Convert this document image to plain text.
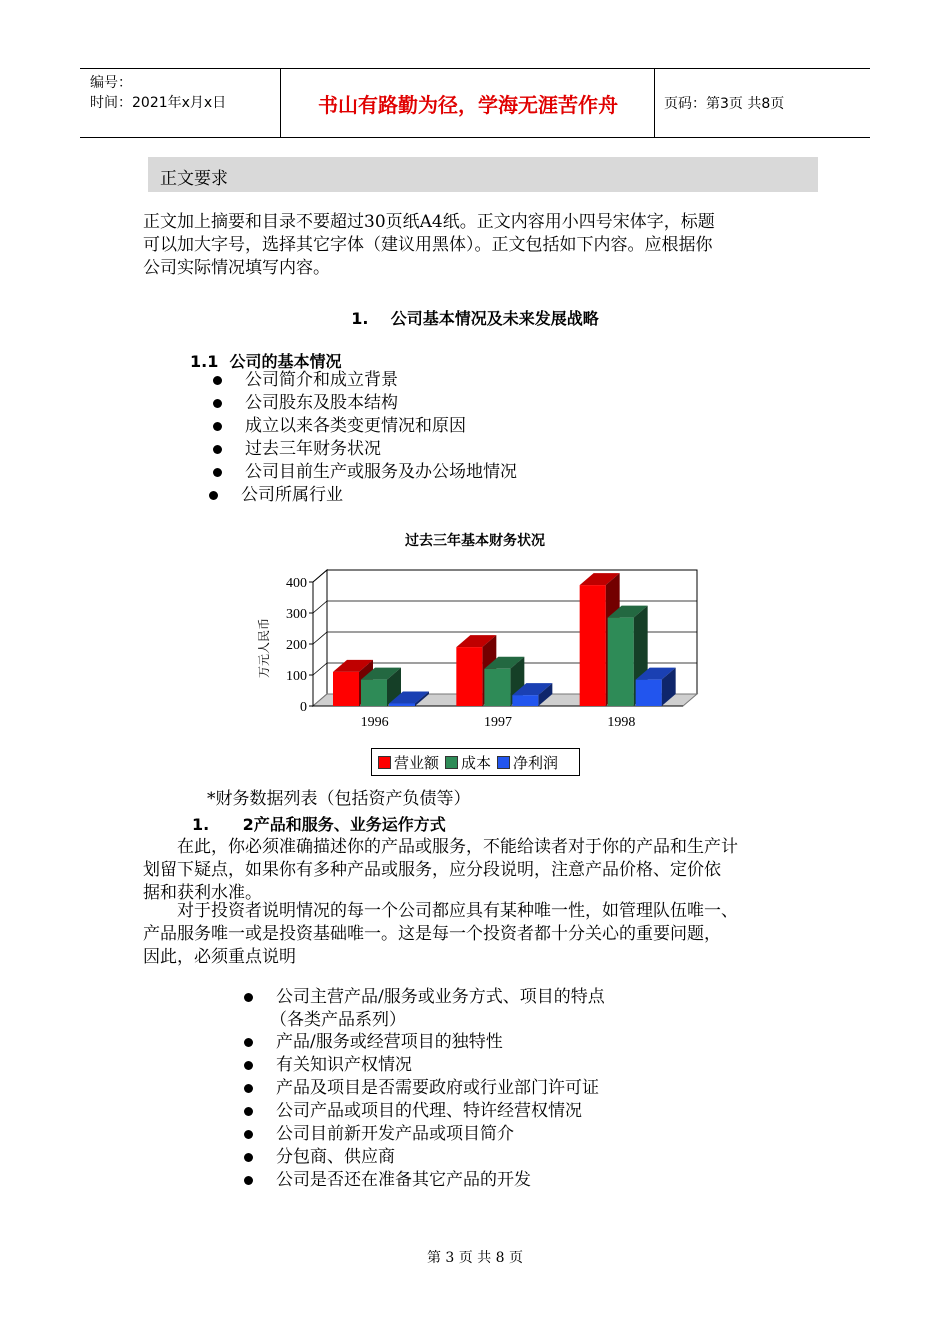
编号：
时间：2021年x月x日	书山有路勤为径，学海无涯苦作舟	页码：第3页 共8页
正文要求
正文加上摘要和目录不要超过30页纸A4纸。正文内容用小四号宋体字，标题
可以加大字号，选择其它字体（建议用黑体）。正文包括如下内容。应根据你
公司实际情况填写内容。
1.    公司基本情况及未来发展战略
1.1  公司的基本情况
公司简介和成立背景
公司股东及股本结构
成立以来各类变更情况和原因
过去三年财务状况
公司目前生产或服务及办公场地情况
公司所属行业
过去三年基本财务状况
0
100
200
300
400
万元人民币
1996	1997	1998
营业额 成本 净利润
*财务数据列表（包括资产负债等）
1.      2产品和服务、业务运作方式
在此，你必须准确描述你的产品或服务，不能给读者对于你的产品和生产计
划留下疑点，如果你有多种产品或服务，应分段说明，注意产品价格、定价依
据和获利水准。
对于投资者说明情况的每一个公司都应具有某种唯一性，如管理队伍唯一、
产品服务唯一或是投资基础唯一。这是每一个投资者都十分关心的重要问题，
因此，必须重点说明
公司主营产品/服务或业务方式、项目的特点
（各类产品系列）
产品/服务或经营项目的独特性
有关知识产权情况
产品及项目是否需要政府或行业部门许可证
公司产品或项目的代理、特许经营权情况
公司目前新开发产品或项目简介
分包商、供应商
公司是否还在准备其它产品的开发
第 3 页 共 8 页
